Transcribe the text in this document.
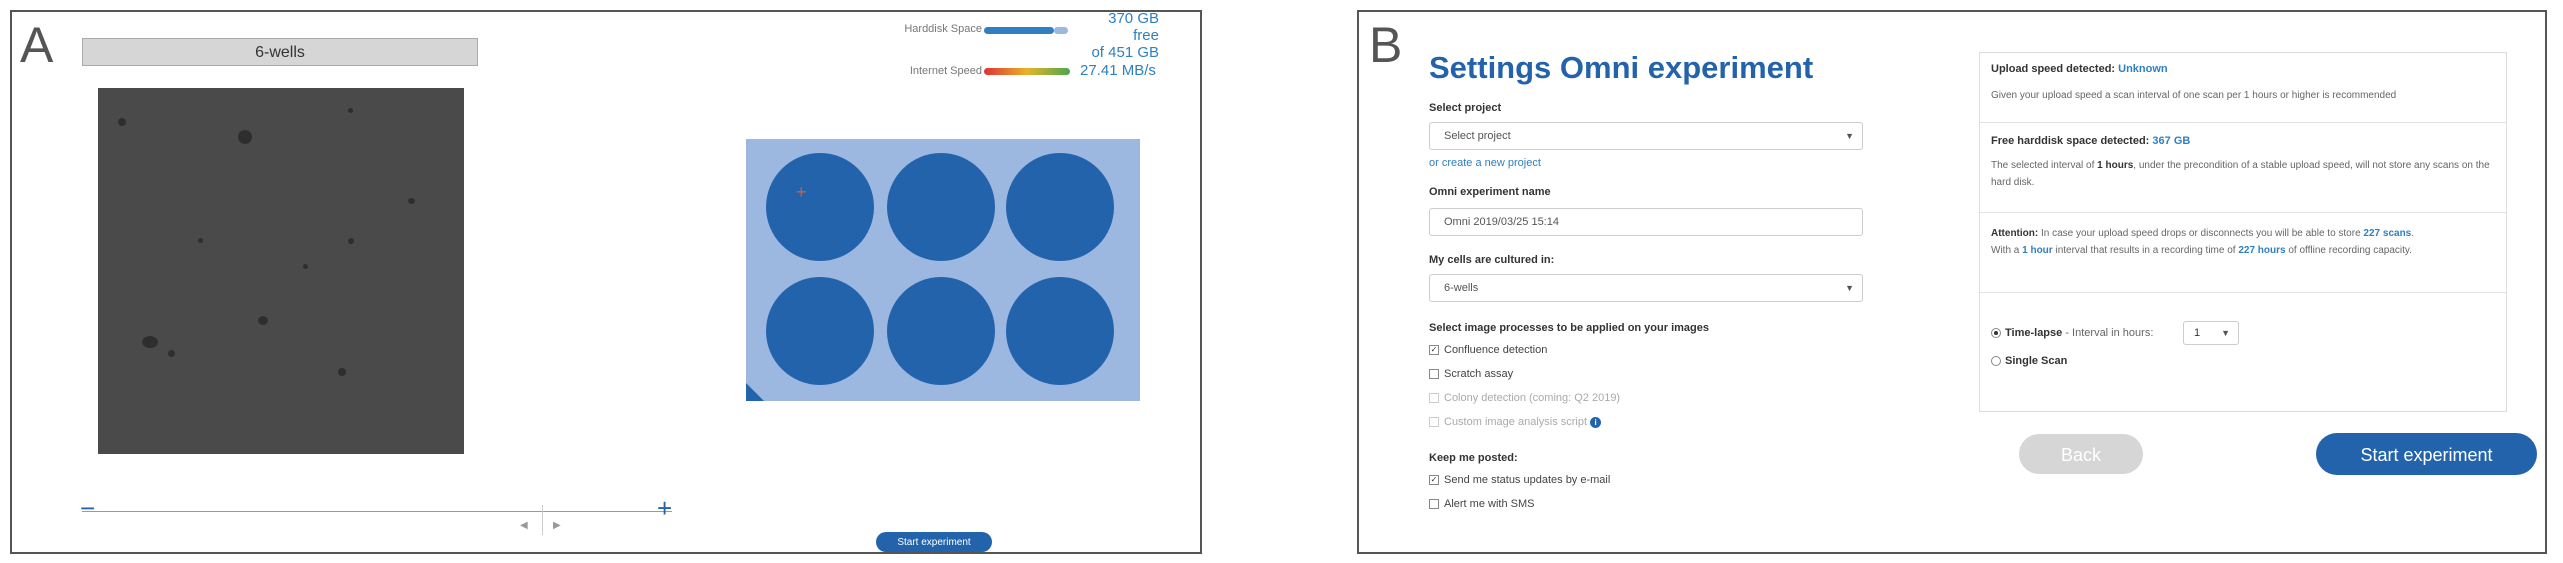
A	6-wells
Harddisk Space
370 GB free
of 451 GB
Internet Speed	27.41 MB/s
+
−	+
◀	▶
Start experiment
B Settings Omni experiment
Select project
Select project	▼
or create a new project
Omni experiment name
Omni 2019/03/25 15:14
My cells are cultured in:
6-wells	▼
Select image processes to be applied on your images
✓ Confluence detection
Scratch assay
Colony detection (coming: Q2 2019)
Custom image analysis script i
Keep me posted:
✓ Send me status updates by e-mail
Alert me with SMS
Upload speed detected: Unknown
Given your upload speed a scan interval of one scan per 1 hours or higher is recommended
Free harddisk space detected: 367 GB
The selected interval of 1 hours, under the precondition of a stable upload speed, will not store any scans on the hard disk.
Attention: In case your upload speed drops or disconnects you will be able to store 227 scans.
With a 1 hour interval that results in a recording time of 227 hours of offline recording capacity.
Time-lapse - Interval in hours:	1 ▼
Single Scan
Back	Start experiment
